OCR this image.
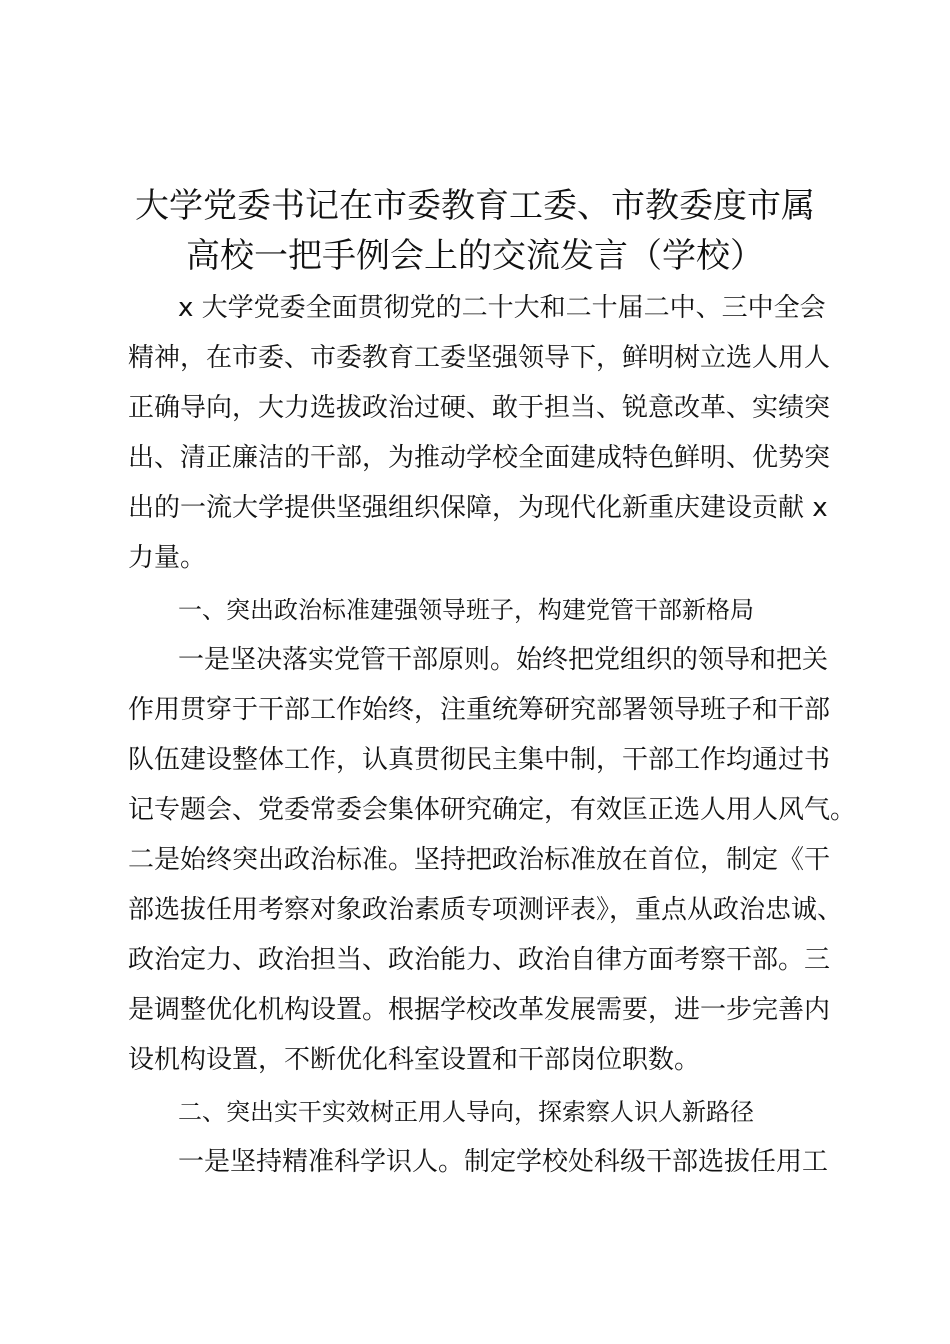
大学党委书记在市委教育工委、市教委度市属
高校一把手例会上的交流发言（学校）
x 大学党委全面贯彻党的二十大和二十届二中、三中全会
精神，在市委、市委教育工委坚强领导下，鲜明树立选人用人
正确导向，大力选拔政治过硬、敢于担当、锐意改革、实绩突
出、清正廉洁的干部，为推动学校全面建成特色鲜明、优势突
出的一流大学提供坚强组织保障，为现代化新重庆建设贡献 x
力量。
一、突出政治标准建强领导班子，构建党管干部新格局
一是坚决落实党管干部原则。始终把党组织的领导和把关
作用贯穿于干部工作始终，注重统筹研究部署领导班子和干部
队伍建设整体工作，认真贯彻民主集中制，干部工作均通过书
记专题会、党委常委会集体研究确定，有效匡正选人用人风气。
二是始终突出政治标准。坚持把政治标准放在首位，制定《干
部选拔任用考察对象政治素质专项测评表》，重点从政治忠诚、
政治定力、政治担当、政治能力、政治自律方面考察干部。三
是调整优化机构设置。根据学校改革发展需要，进一步完善内
设机构设置，不断优化科室设置和干部岗位职数。
二、突出实干实效树正用人导向，探索察人识人新路径
一是坚持精准科学识人。制定学校处科级干部选拔任用工
